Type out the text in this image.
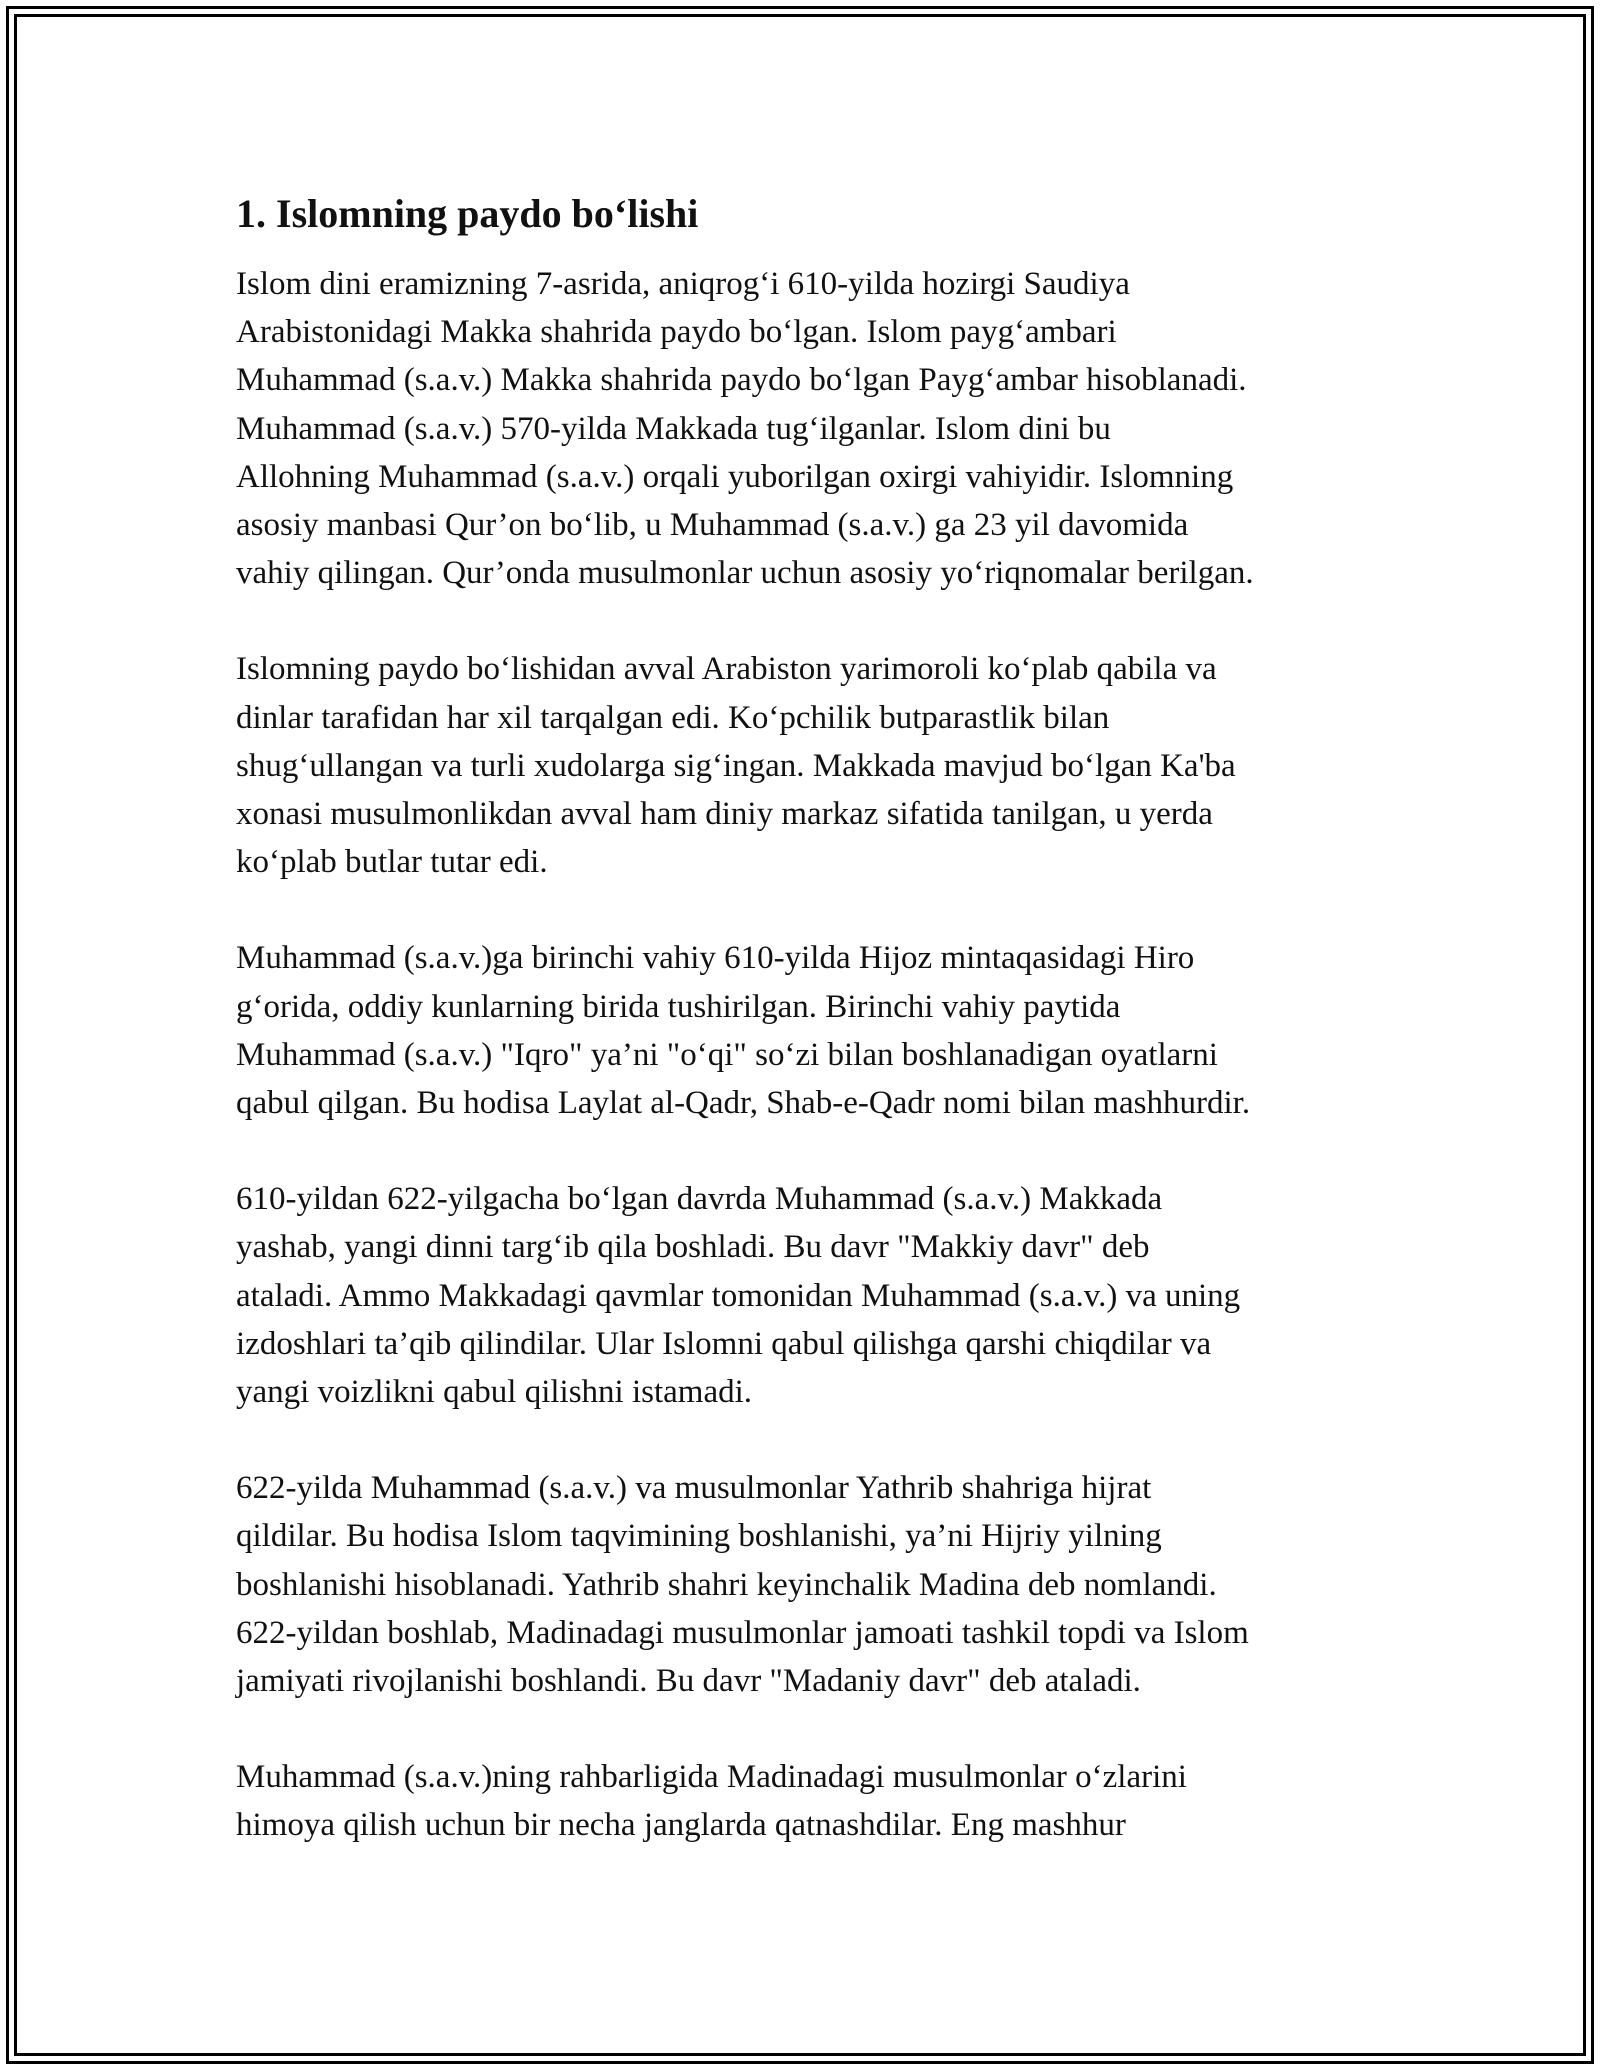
1. Islomning paydo bo‘lishi

Islom dini eramizning 7-asrida, aniqrog‘i 610-yilda hozirgi Saudiya
Arabistonidagi Makka shahrida paydo bo‘lgan. Islom payg‘ambari
Muhammad (s.a.v.) Makka shahrida paydo bo‘lgan Payg‘ambar hisoblanadi.
Muhammad (s.a.v.) 570-yilda Makkada tug‘ilganlar. Islom dini bu
Allohning Muhammad (s.a.v.) orqali yuborilgan oxirgi vahiyidir. Islomning
asosiy manbasi Qur’on bo‘lib, u Muhammad (s.a.v.) ga 23 yil davomida
vahiy qilingan. Qur’onda musulmonlar uchun asosiy yo‘riqnomalar berilgan.

Islomning paydo bo‘lishidan avval Arabiston yarimoroli ko‘plab qabila va
dinlar tarafidan har xil tarqalgan edi. Ko‘pchilik butparastlik bilan
shug‘ullangan va turli xudolarga sig‘ingan. Makkada mavjud bo‘lgan Ka'ba
xonasi musulmonlikdan avval ham diniy markaz sifatida tanilgan, u yerda
ko‘plab butlar tutar edi.

Muhammad (s.a.v.)ga birinchi vahiy 610-yilda Hijoz mintaqasidagi Hiro
g‘orida, oddiy kunlarning birida tushirilgan. Birinchi vahiy paytida
Muhammad (s.a.v.) "Iqro" ya’ni "o‘qi" so‘zi bilan boshlanadigan oyatlarni
qabul qilgan. Bu hodisa Laylat al-Qadr, Shab-e-Qadr nomi bilan mashhurdir.

610-yildan 622-yilgacha bo‘lgan davrda Muhammad (s.a.v.) Makkada
yashab, yangi dinni targ‘ib qila boshladi. Bu davr "Makkiy davr" deb
ataladi. Ammo Makkadagi qavmlar tomonidan Muhammad (s.a.v.) va uning
izdoshlari ta’qib qilindilar. Ular Islomni qabul qilishga qarshi chiqdilar va
yangi voizlikni qabul qilishni istamadi.

622-yilda Muhammad (s.a.v.) va musulmonlar Yathrib shahriga hijrat
qildilar. Bu hodisa Islom taqvimining boshlanishi, ya’ni Hijriy yilning
boshlanishi hisoblanadi. Yathrib shahri keyinchalik Madina deb nomlandi.
622-yildan boshlab, Madinadagi musulmonlar jamoati tashkil topdi va Islom
jamiyati rivojlanishi boshlandi. Bu davr "Madaniy davr" deb ataladi.

Muhammad (s.a.v.)ning rahbarligida Madinadagi musulmonlar o‘zlarini
himoya qilish uchun bir necha janglarda qatnashdilar. Eng mashhur
